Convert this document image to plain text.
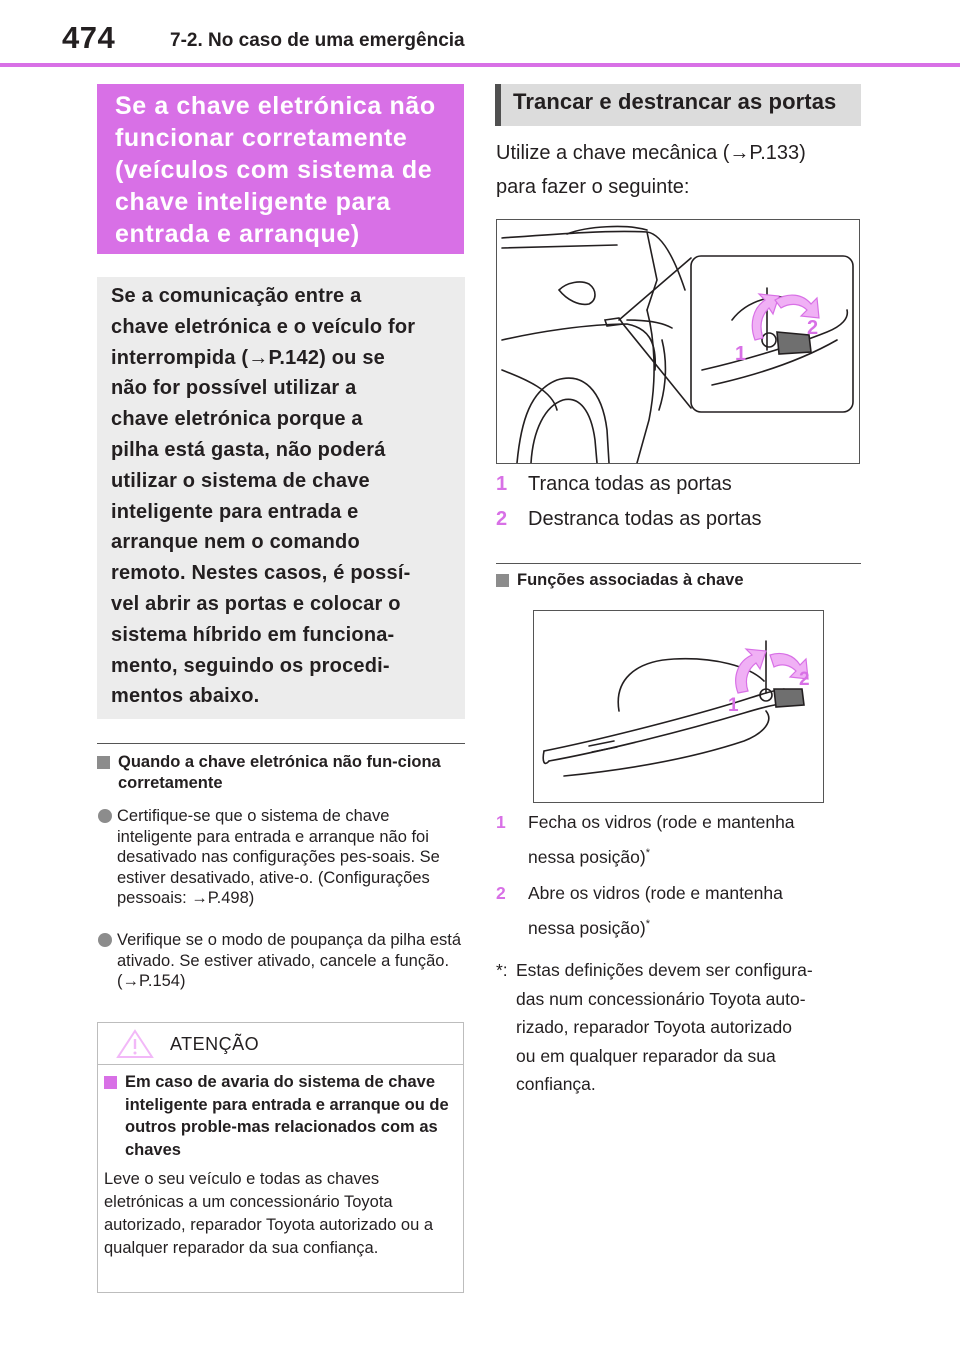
474	7-2. No caso de uma emergência
Se a chave eletrónica não
funcionar corretamente
(veículos com sistema de
chave inteligente para
entrada e arranque)
Se a comunicação entre a
chave eletrónica e o veículo for
interrompida (→P.142) ou se
não for possível utilizar a
chave eletrónica porque a
pilha está gasta, não poderá
utilizar o sistema de chave
inteligente para entrada e
arranque nem o comando
remoto. Nestes casos, é possí-
vel abrir as portas e colocar o
sistema híbrido em funciona-
mento, seguindo os procedi-
mentos abaixo.
Quando a chave eletrónica não fun-ciona corretamente
Certifique-se que o sistema de chave inteligente para entrada e arranque não foi desativado nas configurações pes-soais. Se estiver desativado, ative-o. (Configurações pessoais: →P.498)
Verifique se o modo de poupança da pilha está ativado. Se estiver ativado, cancele a função. (→P.154)
ATENÇÃO
Em caso de avaria do sistema de chave inteligente para entrada e arranque ou de outros proble-mas relacionados com as chaves
Leve o seu veículo e todas as chaves eletrónicas a um concessionário Toyota autorizado, reparador Toyota autorizado ou a qualquer reparador da sua confiança.
Trancar e destrancar as portas
Utilize a chave mecânica (→P.133)
para fazer o seguinte:
1
2
1 Tranca todas as portas
2 Destranca todas as portas
Funções associadas à chave
1
2
1	Fecha os vidros (rode e mantenha
nessa posição)*
2	Abre os vidros (rode e mantenha
nessa posição)*
*: Estas definições devem ser configura-
das num concessionário Toyota auto-
rizado, reparador Toyota autorizado
ou em qualquer reparador da sua
confiança.
